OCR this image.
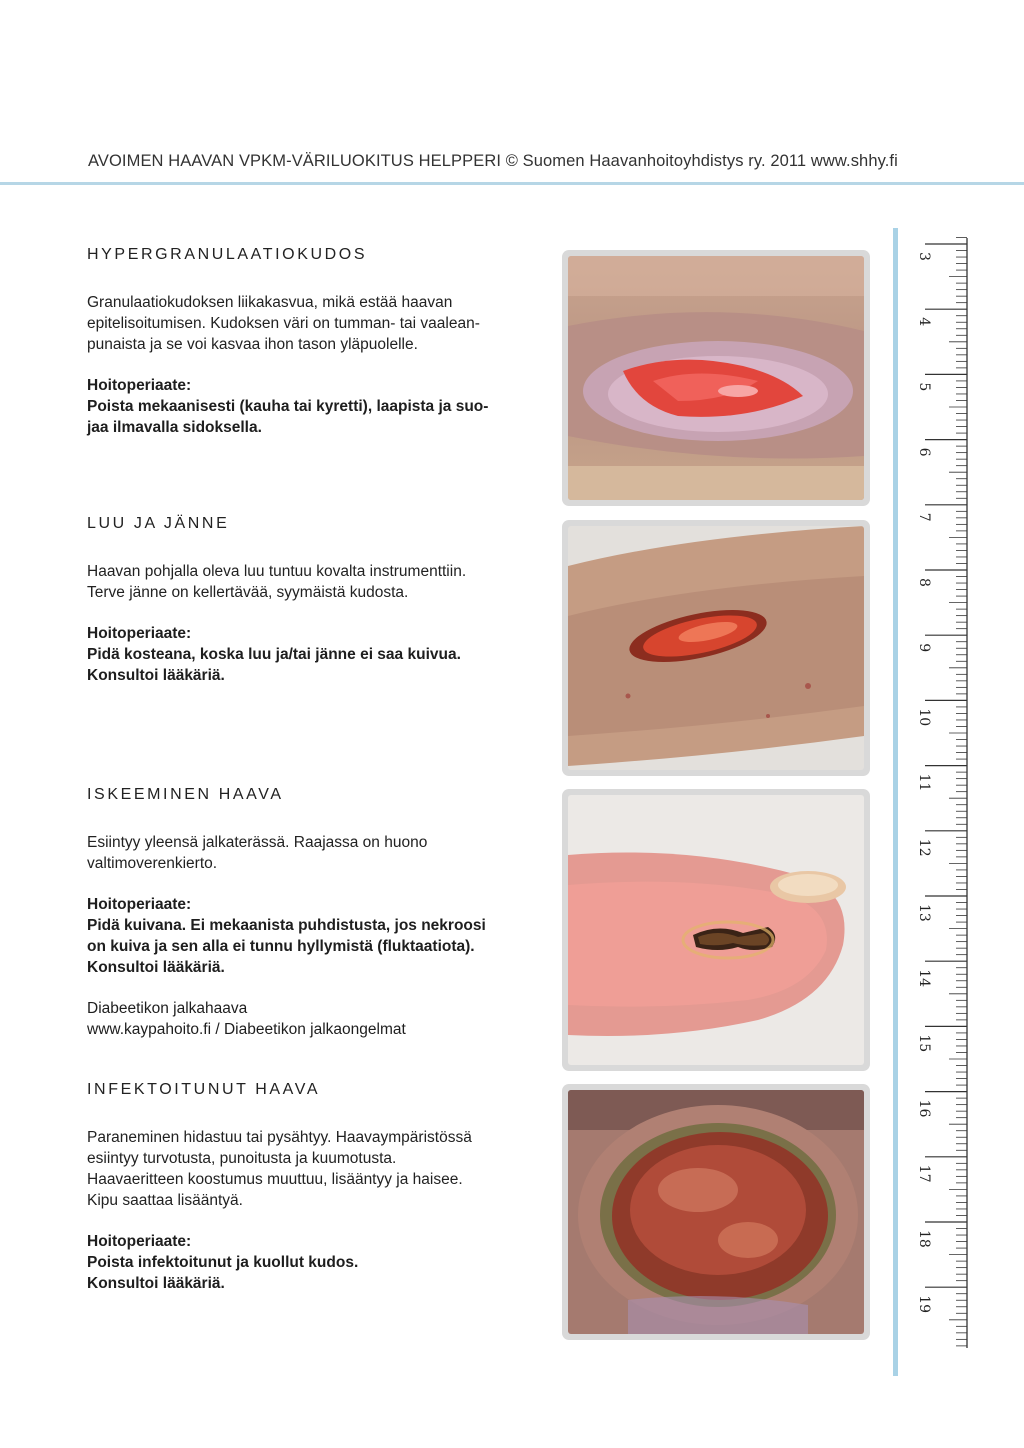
AVOIMEN HAAVAN VPKM-VÄRILUOKITUS HELPPERI © Suomen Haavanhoitoyhdistys ry. 2011 www.shhy.fi
HYPERGRANULAATIOKUDOS

Granulaatiokudoksen liikakasvua, mikä estää haavan
epitelisoitumisen. Kudoksen väri on tumman- tai vaalean-
punaista ja se voi kasvaa ihon tason yläpuolelle.

Hoitoperiaate:
Poista mekaanisesti (kauha tai kyretti), laapista ja suo-
jaa ilmavalla sidoksella.
LUU JA JÄNNE

Haavan pohjalla oleva luu tuntuu kovalta instrumenttiin.
Terve jänne on kellertävää, syymäistä kudosta.

Hoitoperiaate:
Pidä kosteana, koska luu ja/tai jänne ei saa kuivua.
Konsultoi lääkäriä.
ISKEEMINEN HAAVA

Esiintyy yleensä jalkaterässä. Raajassa on huono
valtimoverenkierto.

Hoitoperiaate:
Pidä kuivana. Ei mekaanista puhdistusta, jos nekroosi
on kuiva ja sen alla ei tunnu hyllymistä (fluktaatiota).
Konsultoi lääkäriä.
Diabeetikon jalkahaava
www.kaypahoito.fi / Diabeetikon jalkaongelmat
INFEKTOITUNUT HAAVA

Paraneminen hidastuu tai pysähtyy. Haavaympäristössä
esiintyy turvotusta, punoitusta ja kuumotusta.
Haavaeritteen koostumus muuttuu, lisääntyy ja haisee.
Kipu saattaa lisääntyä.

Hoitoperiaate:
Poista infektoitunut ja kuollut kudos.
Konsultoi lääkäriä.
3
4
5
6
7
8
9
10
11
12
13
14
15
16
17
18
19
